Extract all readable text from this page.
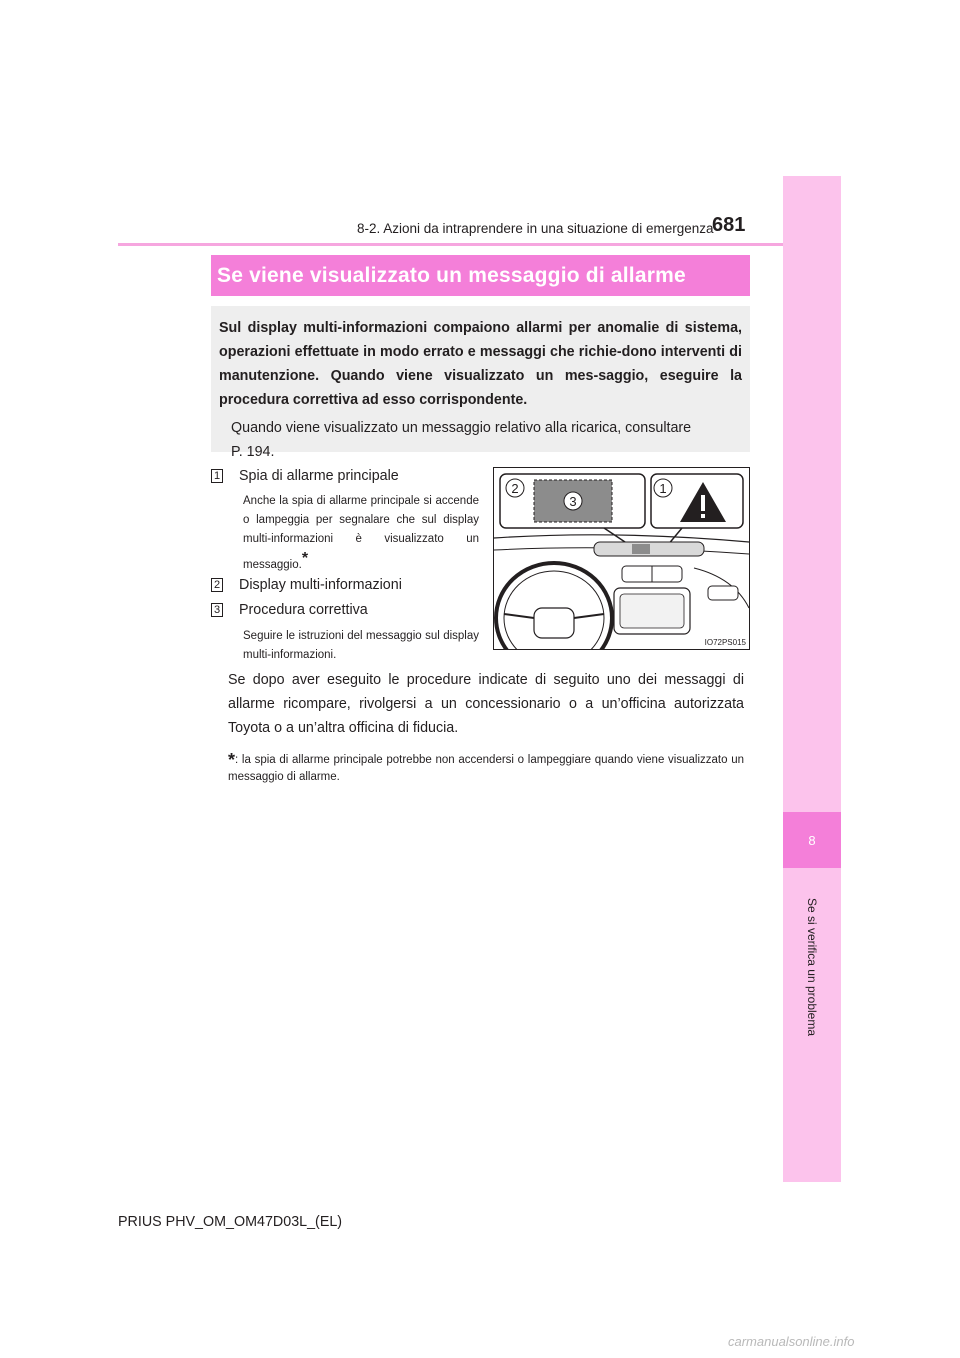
8
Se si verifica un problema
8-2. Azioni da intraprendere in una situazione di emergenza
681
Se viene visualizzato un messaggio di allarme

Sul display multi-informazioni compaiono allarmi per anomalie di sistema, operazioni effettuate in modo errato e messaggi che richie-dono interventi di manutenzione. Quando viene visualizzato un mes-saggio, eseguire la procedura correttiva ad esso corrispondente.

Quando viene visualizzato un messaggio relativo alla ricarica, consultare
P. 194.

1 Spia di allarme principale
Anche la spia di allarme principale si accende o lampeggia per segnalare che sul display multi-informazioni è visualizzato un messaggio.*
2 Display multi-informazioni
3 Procedura correttiva
Seguire le istruzioni del messaggio sul display multi-informazioni.
2
3
1
IO72PS015

Se dopo aver eseguito le procedure indicate di seguito uno dei messaggi di allarme ricompare, rivolgersi a un concessionario o a un’officina autorizzata Toyota o a un’altra officina di fiducia.

*: la spia di allarme principale potrebbe non accendersi o lampeggiare quando viene visualizzato un messaggio di allarme.
PRIUS PHV_OM_OM47D03L_(EL)
carmanualsonline.info
